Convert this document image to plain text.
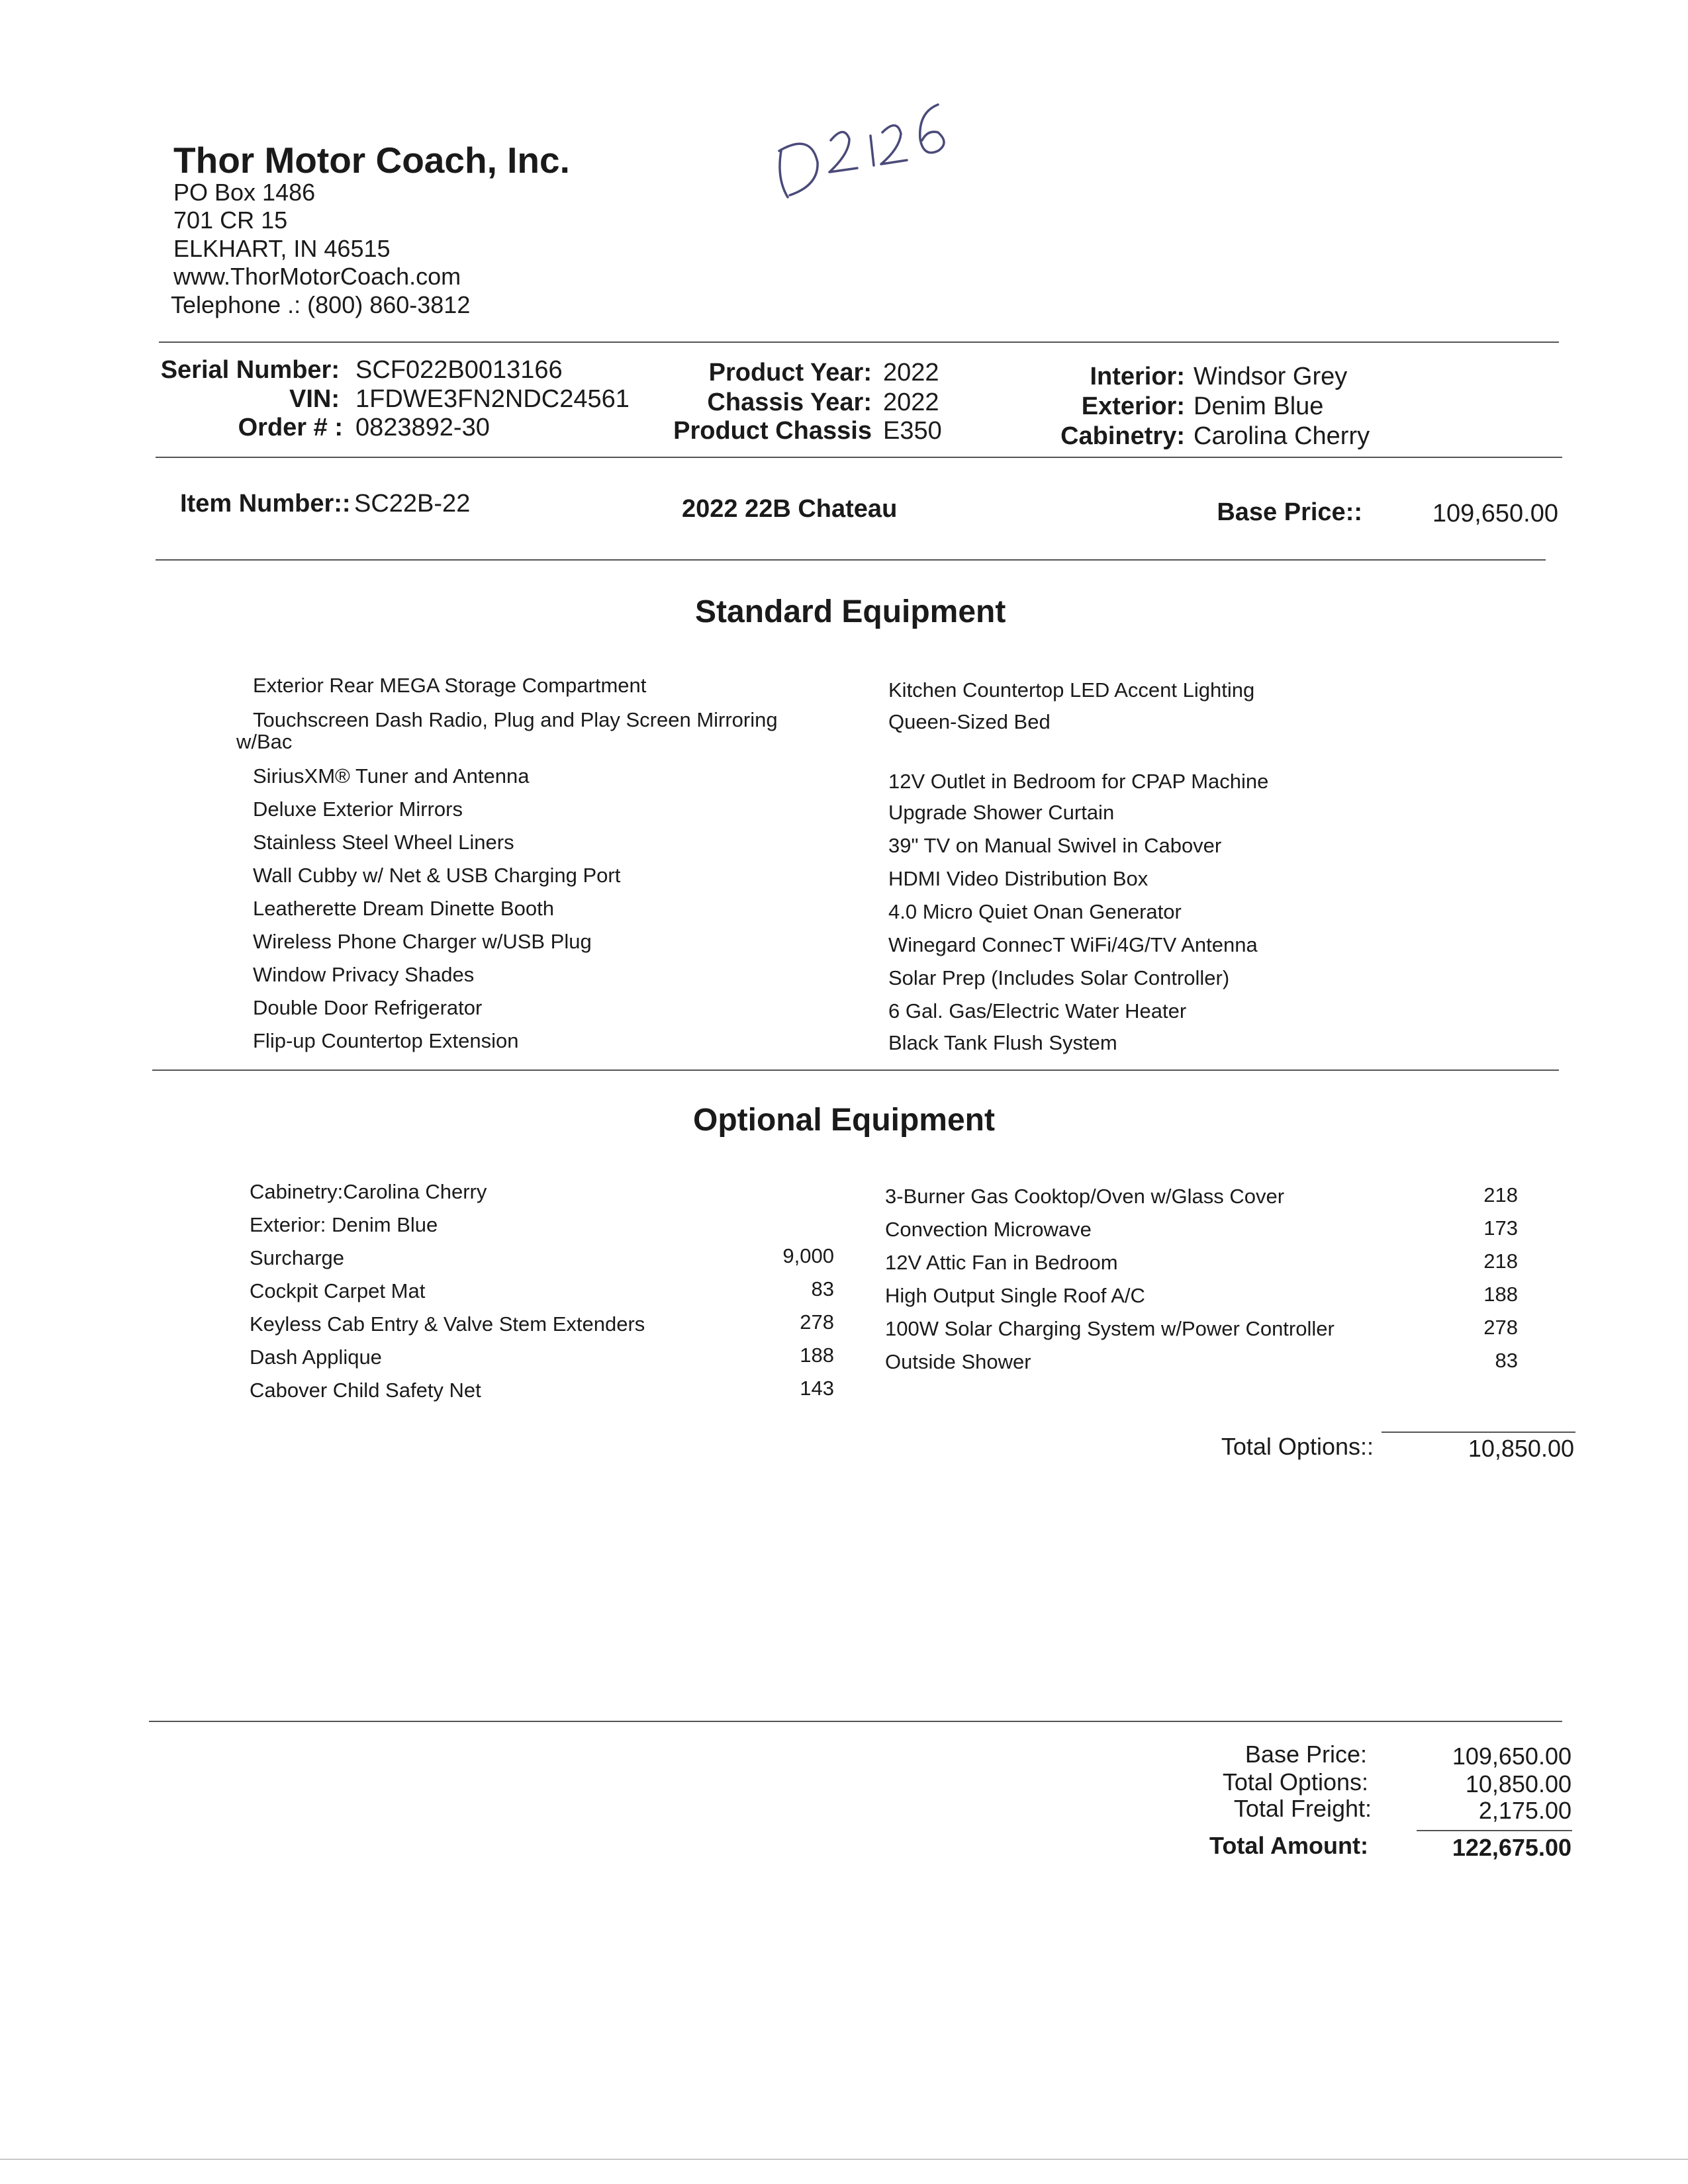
Thor Motor Coach, Inc.
PO Box 1486
701 CR 15
ELKHART, IN 46515
www.ThorMotorCoach.com
Telephone .: (800) 860-3812
Serial Number: SCF022B0013166
VIN: 1FDWE3FN2NDC24561
Order # : 0823892-30
Product Year: 2022
Chassis Year: 2022
Product Chassis E350
Interior: Windsor Grey
Exterior: Denim Blue
Cabinetry: Carolina Cherry
Item Number:: SC22B-22	2022 22B Chateau	Base Price::	109,650.00
Standard Equipment
Exterior Rear MEGA Storage Compartment
Touchscreen Dash Radio, Plug and Play Screen Mirroring
w/Bac
SiriusXM® Tuner and Antenna
Deluxe Exterior Mirrors
Stainless Steel Wheel Liners
Wall Cubby w/ Net & USB Charging Port
Leatherette Dream Dinette Booth
Wireless Phone Charger w/USB Plug
Window Privacy Shades
Double Door Refrigerator
Flip-up Countertop Extension
Kitchen Countertop LED Accent Lighting
Queen-Sized Bed
12V Outlet in Bedroom for CPAP Machine
Upgrade Shower Curtain
39" TV on Manual Swivel in Cabover
HDMI Video Distribution Box
4.0 Micro Quiet Onan Generator
Winegard ConnecT WiFi/4G/TV Antenna
Solar Prep (Includes Solar Controller)
6 Gal. Gas/Electric Water Heater
Black Tank Flush System
Optional Equipment
Cabinetry:Carolina Cherry
Exterior: Denim Blue
Surcharge	9,000
Cockpit Carpet Mat	83
Keyless Cab Entry & Valve Stem Extenders	278
Dash Applique	188
Cabover Child Safety Net	143
3-Burner Gas Cooktop/Oven w/Glass Cover	218
Convection Microwave	173
12V Attic Fan in Bedroom	218
High Output Single Roof A/C	188
100W Solar Charging System w/Power Controller	278
Outside Shower	83
Total Options::	10,850.00
Base Price:	109,650.00
Total Options:	10,850.00
Total Freight:	2,175.00
Total Amount:	122,675.00
